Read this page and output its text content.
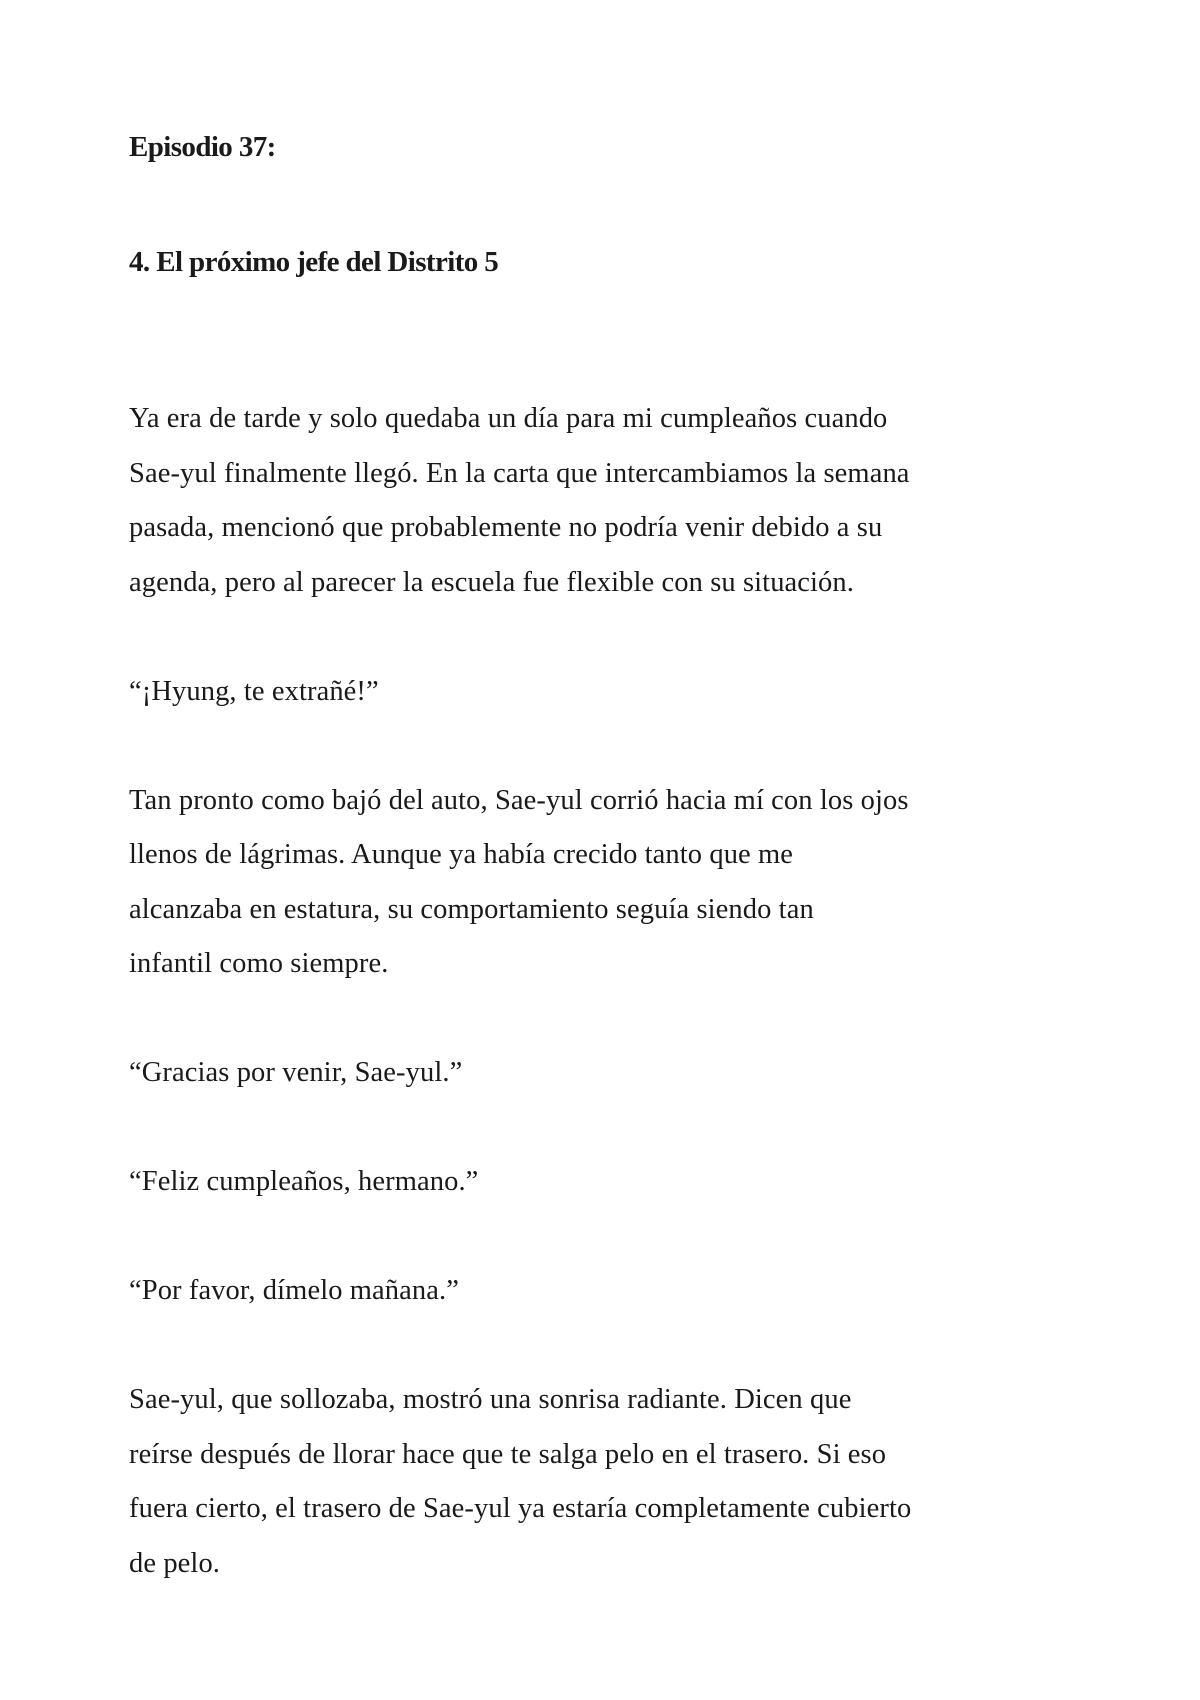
Episodio 37:
4. El próximo jefe del Distrito 5

Ya era de tarde y solo quedaba un día para mi cumpleaños cuando
Sae-yul finalmente llegó. En la carta que intercambiamos la semana
pasada, mencionó que probablemente no podría venir debido a su
agenda, pero al parecer la escuela fue flexible con su situación.

“¡Hyung, te extrañé!”

Tan pronto como bajó del auto, Sae-yul corrió hacia mí con los ojos
llenos de lágrimas. Aunque ya había crecido tanto que me
alcanzaba en estatura, su comportamiento seguía siendo tan
infantil como siempre.

“Gracias por venir, Sae-yul.”

“Feliz cumpleaños, hermano.”

“Por favor, dímelo mañana.”

Sae-yul, que sollozaba, mostró una sonrisa radiante. Dicen que
reírse después de llorar hace que te salga pelo en el trasero. Si eso
fuera cierto, el trasero de Sae-yul ya estaría completamente cubierto
de pelo.
